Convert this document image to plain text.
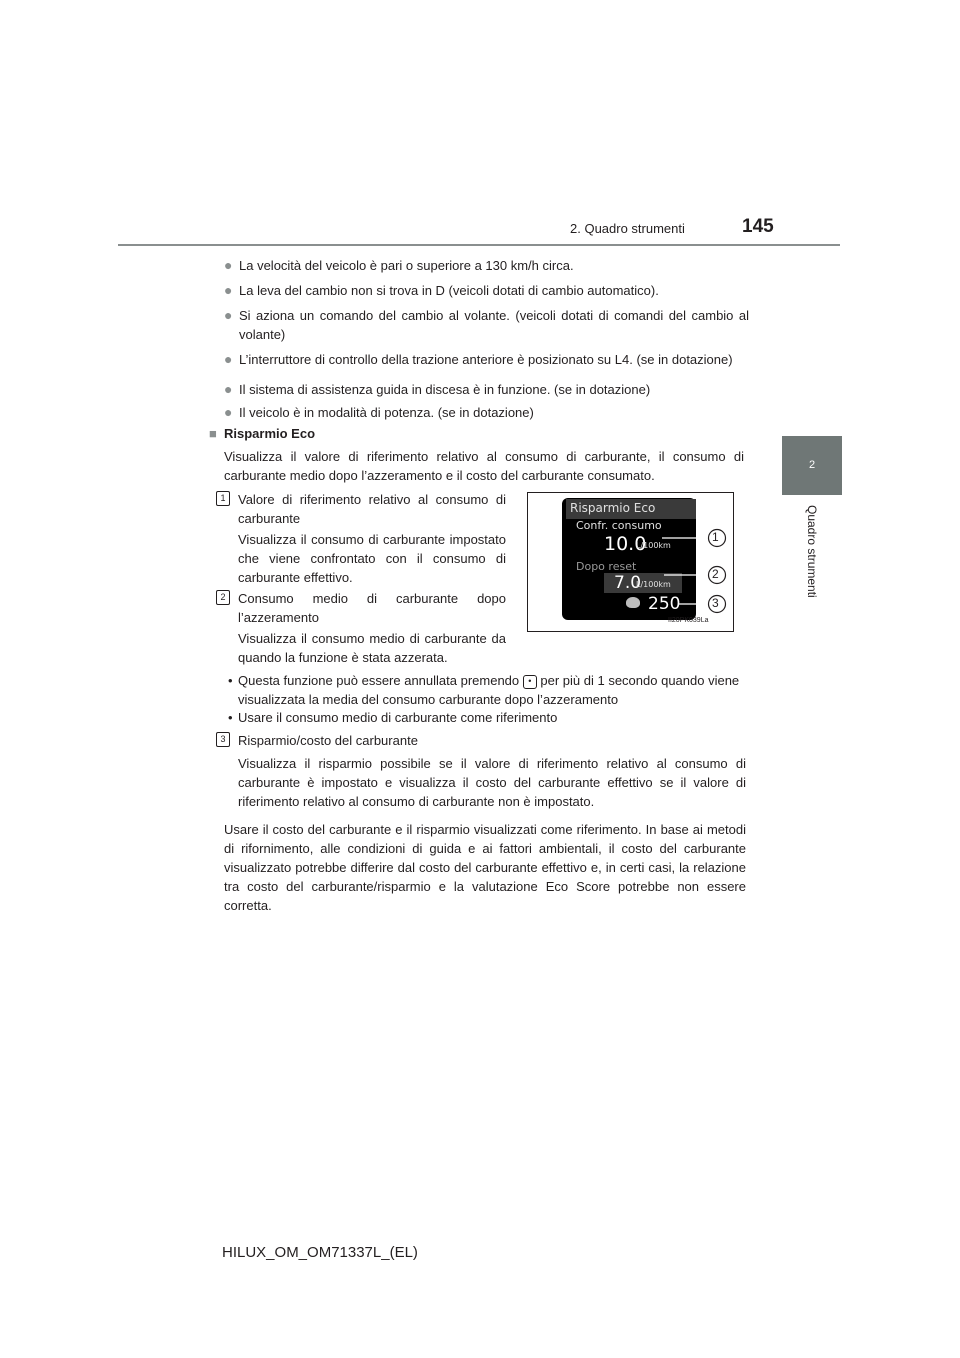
2. Quadro strumenti	145
2
Quadro strumenti
● La velocità del veicolo è pari o superiore a 130 km/h circa.
● La leva del cambio non si trova in D (veicoli dotati di cambio automatico).
● Si aziona un comando del cambio al volante. (veicoli dotati di comandi del cambio al volante)
● L’interruttore di controllo della trazione anteriore è posizionato su L4. (se in dotazione)
● Il sistema di assistenza guida in discesa è in funzione. (se in dotazione)
● Il veicolo è in modalità di potenza. (se in dotazione)
■ Risparmio Eco
Visualizza il valore di riferimento relativo al consumo di carburante, il consumo di carburante medio dopo l’azzeramento e il costo del carburante consumato.
1 Valore di riferimento relativo al consumo di carburante
Visualizza il consumo di carburante impostato che viene confrontato con il consumo di carburante effettivo.
2 Consumo medio di carburante dopo l’azzeramento
Visualizza il consumo medio di carburante da quando la funzione è stata azzerata.
• Questa funzione può essere annullata premendo • per più di 1 secondo quando viene visualizzata la media del consumo carburante dopo l’azzeramento
• Usare il consumo medio di carburante come riferimento
3 Risparmio/costo del carburante
Visualizza il risparmio possibile se il valore di riferimento relativo al consumo di carburante è impostato e visualizza il costo del carburante effettivo se il valore di riferimento relativo al consumo di carburante non è impostato.
Usare il costo del carburante e il risparmio visualizzati come riferimento. In base ai metodi di rifornimento, alle condizioni di guida e ai fattori ambientali, il costo del carburante visualizzato potrebbe differire dal costo del carburante effettivo e, in certi casi, la relazione tra costo del carburante/risparmio e la valutazione Eco Score potrebbe non essere corretta.
Risparmio Eco
Confr. consumo
10.0
L/100km
Dopo reset
7.0
L/100km
250
1
2
3
II20PK039La
HILUX_OM_OM71337L_(EL)
